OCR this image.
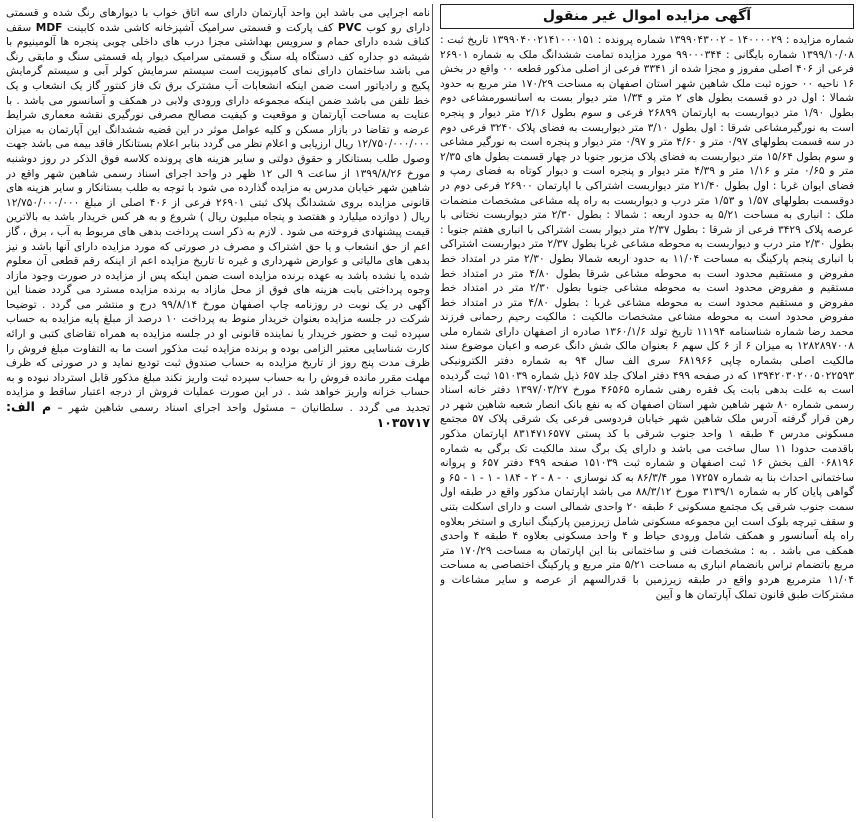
آگهی مزایده اموال غیر منقول

شماره مزایده : ۱۴۰۰۰۰۲۹ - ۱۳۹۹۰۴۳۰۰۲ شماره پرونده : ۱۳۹۹۰۴۰۰۲۱۴۱۰۰۰۱۵۱ تاریخ ثبت : ۱۳۹۹/۱۰/۰۸ شماره بایگانی : ۹۹۰۰۰۳۴۴ مورد مزایده تمامت ششدانگ ملک به شماره ۲۶۹۰۱ فرعی از ۴۰۶ اصلی مفروز و مجزا شده از ۳۳۴۱ فرعی از اصلی مذکور قطعه ۰۰ واقع در بخش ۱۶ ناحیه ۰۰ حوزه ثبت ملک شاهین شهر استان اصفهان به مساحت ۱۷۰/۲۹ متر مربع به حدود شمالا : اول در دو قسمت بطول های ۲ متر و ۱/۳۴ متر دیوار بست به اسانسورمشاعی دوم بطول ۱/۹۰ متر دیواربست به اپارتمان ۲۶۸۹۹ فرعی و سوم بطول ۲/۱۶ متر دیوار و پنجره است به نورگیرمشاعی شرقا : اول بطول ۳/۱۰ متر دیواربست به فضای پلاک ۳۲۴۰ فرعی دوم در سه قسمت بطولهای ۰/۹۷ متر و ۴/۶۰ متر و ۰/۹۷ متر دیوار و پنجره است به نورگیر مشاعی و سوم بطول ۱۵/۶۴ متر دیواربست به فضای پلاک مزبور جنوبا در چهار قسمت بطول های ۲/۳۵ متر و ۰/۶۵ متر و ۱/۱۶ متر و ۴/۳۹ متر دیوار و پنجره است و دیوار کوتاه به فضای رمپ و فضای ایوان غربا : اول بطول ۲۱/۴۰ متر دیواربست اشتراکی با اپارتمان ۲۶۹۰۰ فرعی دوم در دوقسمت بطولهای ۱/۵۷ و ۱/۵۳ متر درب و دیواربست به راه پله مشاعی مشخصات منضمات ملک : انباری به مساحت ۵/۲۱ به حدود اربعه : شمالا : بطول ۲/۳۰ متر دیواربست نختانی با عرصه پلاک ۳۴۲۹ فرعی از شرقا : بطول ۲/۳۷ متر دیوار بست اشتراکی با انباری هفتم جنوبا : بطول ۲/۳۰ متر درب و دیواربست به محوطه مشاعی غربا بطول ۲/۳۷ متر دیواربست اشتراکی با انباری پنجم پارکینگ به مساحت ۱۱/۰۴ به حدود اربعه شمالا بطول ۲/۳۰ متر در امتداد خط مفروض و مستقیم محدود است به محوطه مشاعی شرقا بطول ۴/۸۰ متر در امتداد خط مستقیم و مفروض محدود است به محوطه مشاعی جنوبا بطول ۲/۳۰ متر در امتداد خط مفروض و مستقیم محدود است به محوطه مشاعی غربا : بطول ۴/۸۰ متر در امتداد خط مفروض محدود است به محوطه مشاعی مشخصات مالکیت : مالکیت رحیم رحمانی فرزند محمد رضا شماره شناسنامه ۱۱۱۹۴ تاریخ تولد ۱۳۶۰/۱/۶ صادره از اصفهان دارای شماره ملی ۱۲۸۲۸۹۷۰۰۸ به میزان ۶ از ۶ کل سهم ۶ بعنوان مالک شش دانگ عرصه و اعیان موضوع سند مالکیت اصلی بشماره چاپی ۶۸۱۹۶۶ سری الف سال ۹۴ به شماره دفتر الکترونیکی ۱۳۹۴۲۰۳۰۲۰۰۵۰۲۲۵۹۳ که در صفحه ۴۹۹ دفتر املاک جلد ۶۵۷ ذیل شماره ۱۵۱۰۳۹ ثبت گردیده است به علت بدهی بابت یک فقره رهنی شماره ۴۶۵۶۵ مورخ ۱۳۹۷/۰۳/۲۷ دفتر خانه اسناد رسمی شماره ۸۰ شهر شاهین شهر استان اصفهان که به نفع بانک انصار شعبه شاهین شهر در رهن قرار گرفته آدرس ملک شاهین شهر خیابان فردوسی فرعی یک شرقی پلاک ۵۷ مجتمع مسکونی مدرس ۴ طبقه ۱ واحد جنوب شرقی با کد پستی ۸۳۱۴۷۱۶۵۷۷ اپارتمان مذکور باقدمت حدودا ۱۱ سال ساخت می باشد و دارای یک برگ سند مالکیت تک برگی به شماره ۰۶۸۱۹۶ الف بخش ۱۶ ثبت اصفهان و شماره ثبت ۱۵۱۰۳۹ صفحه ۴۹۹ دفتر ۶۵۷ و پروانه ساختمانی احداث بنا به شماره ۱۷۲۵۷ مور ۸۶/۳/۴ به کد نوسازی ۰ - ۸ - ۲ - ۱۸۴ - ۱ - ۱ - ۶۵ و گواهی پایان کار به شماره ۳۱۳۹/۱ مورخ ۸۸/۳/۱۲ می باشد اپارتمان مذکور واقع در طبقه اول سمت جنوب شرقی یک مجتمع مسکونی ۶ طبقه ۲۰ واحدی شمالی است و دارای اسکلت بتنی و سقف تیرچه بلوک است این مجموعه مسکونی شامل زیرزمین پارکینگ انباری و استخر بعلاوه راه پله آسانسور و همکف شامل ورودی حیاط و ۴ واحد مسکونی بعلاوه ۴ طبقه ۴ واحدی همکف می باشد . به : مشخصات فنی و ساختمانی بنا این اپارتمان به مساحت ۱۷۰/۲۹ متر مربع باتضمام تراس بانضمام انباری به مساحت ۵/۲۱ متر مربع و پارکینگ اختصاصی به مساحت ۱۱/۰۴ مترمربع هردو واقع در طبقه زیرزمین با قدرالسهم از عرصه و سایر مشاعات و مشترکات طبق قانون تملک آپارتمان ها و آیین

نامه اجرایی می باشد این واحد آپارتمان دارای سه اتاق خواب با دیوارهای رنگ شده و قسمتی دارای رو کوب PVC کف پارکت و قسمتی سرامیک آشپزخانه کاشی شده کابینت MDF سقف کناف شده دارای حمام و سرویس بهداشتی مجزا درب های داخلی چوبی پنجره ها آلومینیوم با شیشه دو جداره کف دستگاه پله سنگ و قسمتی سرامیک دیوار پله قسمتی سنگ و مابقی رنگ می باشد ساختمان دارای نمای کامپوزیت است سیستم سرمایش کولر آبی و سیستم گرمایش پکیج و رادیاتور است ضمن اینکه انشعابات آب مشترک برق تک فاز کنتور گاز یک انشعاب و یک خط تلفن می باشد ضمن اینکه مجموعه دارای ورودی ولابی در همکف و آسانسور می باشد . با عنایت به مساحت آپارتمان و موقعیت و کیفیت مصالح مصرفی نورگیری نقشه معماری شرایط عرضه و تقاضا در بازار مسکن و کلیه عوامل موثر در این قضیه ششدانگ این آپارتمان به میزان ۱۲/۷۵۰/۰۰۰/۰۰۰ ریال ارزیابی و اعلام نظر می گردد بنابر اعلام بستانکار فاقد بیمه می باشد جهت وصول طلب بستانکار و حقوق دولتی و سایر هزینه های پرونده کلاسه فوق الذکر در روز دوشنبه مورخ ۱۳۹۹/۸/۲۶ از ساعت ۹ الی ۱۲ ظهر در واحد اجرای اسناد رسمی شاهین شهر واقع در شاهین شهر خیابان مدرس به مزایده گذارده می شود با توجه به طلب بستانکار و سایر هزینه های قانونی مزایده بروی ششدانگ پلاک ثبتی ۲۶۹۰۱ فرعی از ۴۰۶ اصلی از مبلغ ۱۲/۷۵۰/۰۰۰/۰۰۰ ریال ( دوازده میلیارد و هفتصد و پنجاه میلیون ریال ) شروع و به هر کس خریدار باشد به بالاترین قیمت پیشنهادی فروخته می شود . لازم به ذکر است پرداخت بدهی های مربوط به آب ، برق ، گاز اعم از حق انشعاب و یا حق اشتراک و مصرف در صورتی که مورد مزایده دارای آنها باشد و نیز بدهی های مالیاتی و عوارض شهرداری و غیره تا تاریخ مزایده اعم از اینکه رقم قطعی آن معلوم شده یا نشده باشد به عهده برنده مزایده است ضمن اینکه پس از مزایده در صورت وجود مازاد وجوه پرداختی بابت هزینه های فوق از محل مازاد به برنده مزایده مسترد می گردد ضمنا این آگهی در یک نوبت در روزنامه چاپ اصفهان مورخ ۹۹/۸/۱۴ درج و منتشر می گردد . توضیحا شرکت در جلسه مزایده بعنوان خریدار منوط به پرداخت ۱۰ درصد از مبلغ پایه مزایده به حساب سپرده ثبت و حضور خریدار یا نماینده قانونی او در جلسه مزایده به همراه تقاضای کتبی و ارائه کارت شناسایی معتبر الزامی بوده و برنده مزایده ثبت مذکور است ما به التفاوت مبلغ فروش را ظرف مدت پنج روز از تاریخ مزایده به حساب صندوق ثبت تودیع نماید و در صورتی که ظرف مهلت مقرر مانده فروش را به حساب سپرده ثبت واریز نکند مبلغ مذکور قابل استرداد نبوده و به حساب خزانه واریز خواهد شد . در این صورت عملیات فروش از درجه اعتبار ساقط و مزایده تجدید می گردد . سلطانیان – مسئول واحد اجرای اسناد رسمی شاهین شهر – م الف: ۱۰۳۵۷۱۷
